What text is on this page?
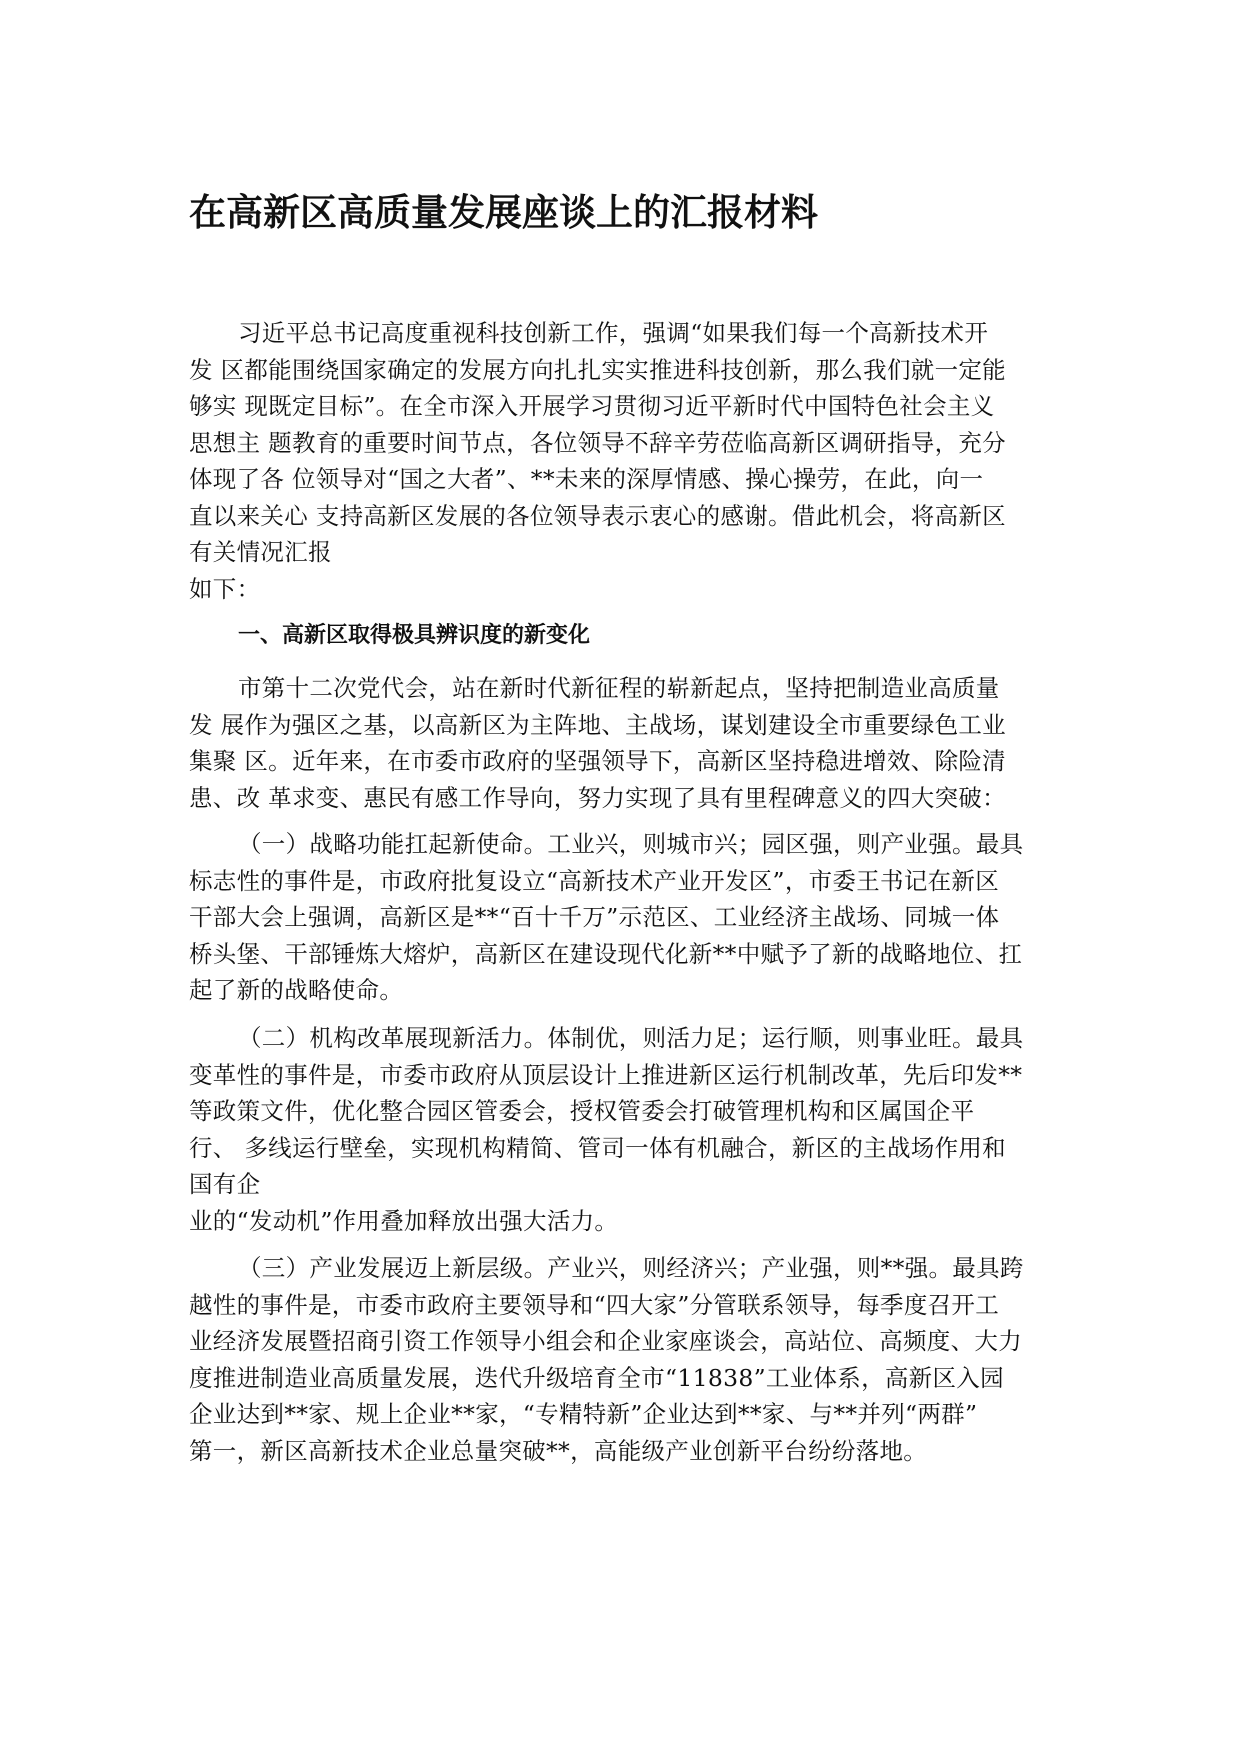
在高新区高质量发展座谈上的汇报材料
习近平总书记高度重视科技创新工作，强调“如果我们每一个高新技术开
发 区都能围绕国家确定的发展方向扎扎实实推进科技创新，那么我们就一定能
够实 现既定目标”。在全市深入开展学习贯彻习近平新时代中国特色社会主义
思想主 题教育的重要时间节点，各位领导不辞辛劳莅临高新区调研指导，充分
体现了各 位领导对“国之大者”、**未来的深厚情感、操心操劳，在此，向一
直以来关心 支持高新区发展的各位领导表示衷心的感谢。借此机会，将高新区
有关情况汇报
如下：
一、高新区取得极具辨识度的新变化
市第十二次党代会，站在新时代新征程的崭新起点，坚持把制造业高质量
发 展作为强区之基，以高新区为主阵地、主战场，谋划建设全市重要绿色工业
集聚 区。近年来，在市委市政府的坚强领导下，高新区坚持稳进增效、除险清
患、改 革求变、惠民有感工作导向，努力实现了具有里程碑意义的四大突破：
（一）战略功能扛起新使命。工业兴，则城市兴；园区强，则产业强。最具
标志性的事件是，市政府批复设立“高新技术产业开发区”，市委王书记在新区
干部大会上强调，高新区是**“百十千万”示范区、工业经济主战场、同城一体
桥头堡、干部锤炼大熔炉，高新区在建设现代化新**中赋予了新的战略地位、扛
起了新的战略使命。
（二）机构改革展现新活力。体制优，则活力足；运行顺，则事业旺。最具
变革性的事件是，市委市政府从顶层设计上推进新区运行机制改革，先后印发**
等政策文件，优化整合园区管委会，授权管委会打破管理机构和区属国企平
行、 多线运行壁垒，实现机构精简、管司一体有机融合，新区的主战场作用和
国有企
业的“发动机”作用叠加释放出强大活力。
（三）产业发展迈上新层级。产业兴，则经济兴；产业强，则**强。最具跨
越性的事件是，市委市政府主要领导和“四大家”分管联系领导，每季度召开工
业经济发展暨招商引资工作领导小组会和企业家座谈会，高站位、高频度、大力
度推进制造业高质量发展，迭代升级培育全市“11838”工业体系，高新区入园
企业达到**家、规上企业**家，“专精特新”企业达到**家、与**并列“两群”
第一，新区高新技术企业总量突破**，高能级产业创新平台纷纷落地。
